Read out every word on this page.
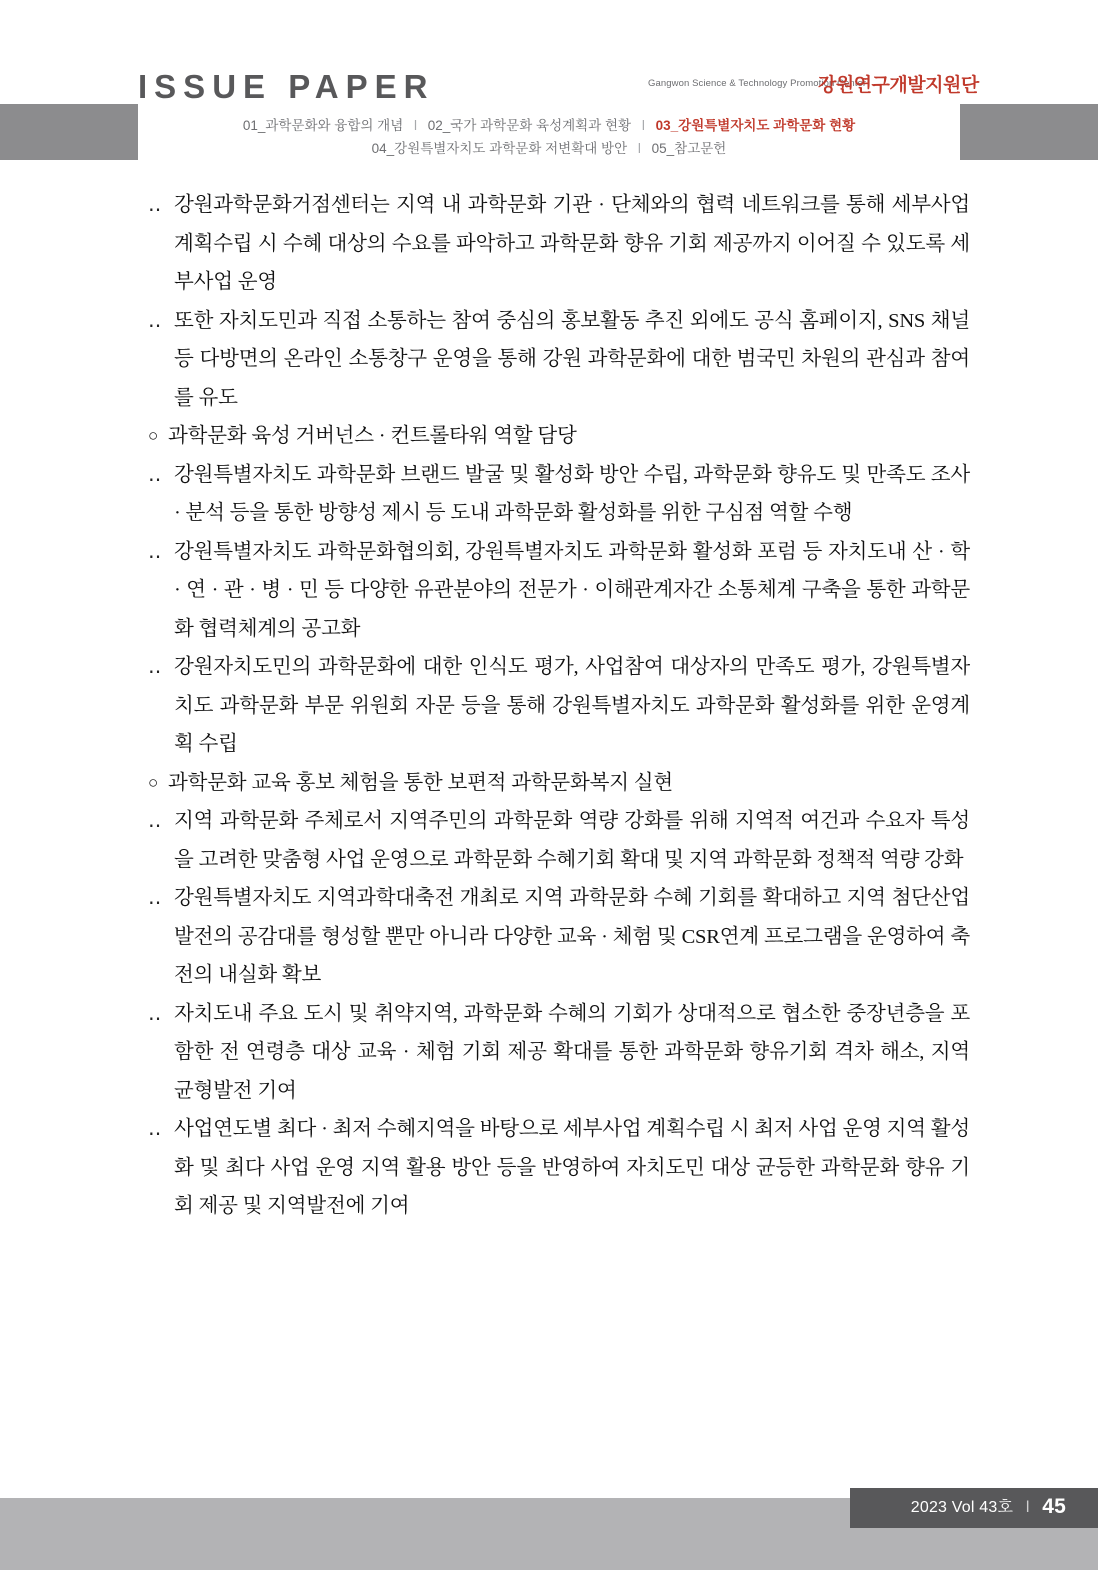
ISSUE PAPER	Gangwon Science & Technology Promotion Center
강원연구개발지원단
01_과학문화와 융합의 개념 l 02_국가 과학문화 육성계획과 현황 l 03_강원특별자치도 과학문화 현황
04_강원특별자치도 과학문화 저변확대 방안 l 05_참고문헌
‥ 강원과학문화거점센터는 지역 내 과학문화 기관 · 단체와의 협력 네트워크를 통해 세부사업 계획수립 시 수혜 대상의 수요를 파악하고 과학문화 향유 기회 제공까지 이어질 수 있도록 세부사업 운영
‥ 또한 자치도민과 직접 소통하는 참여 중심의 홍보활동 추진 외에도 공식 홈페이지, SNS 채널 등 다방면의 온라인 소통창구 운영을 통해 강원 과학문화에 대한 범국민 차원의 관심과 참여를 유도
○ 과학문화 육성 거버넌스 · 컨트롤타워 역할 담당
‥ 강원특별자치도 과학문화 브랜드 발굴 및 활성화 방안 수립, 과학문화 향유도 및 만족도 조사 · 분석 등을 통한 방향성 제시 등 도내 과학문화 활성화를 위한 구심점 역할 수행
‥ 강원특별자치도 과학문화협의회, 강원특별자치도 과학문화 활성화 포럼 등 자치도내 산 · 학 · 연 · 관 · 병 · 민 등 다양한 유관분야의 전문가 · 이해관계자간 소통체계 구축을 통한 과학문화 협력체계의 공고화
‥ 강원자치도민의 과학문화에 대한 인식도 평가, 사업참여 대상자의 만족도 평가, 강원특별자치도 과학문화 부문 위원회 자문 등을 통해 강원특별자치도 과학문화 활성화를 위한 운영계획 수립
○ 과학문화 교육 홍보 체험을 통한 보편적 과학문화복지 실현
‥ 지역 과학문화 주체로서 지역주민의 과학문화 역량 강화를 위해 지역적 여건과 수요자 특성을 고려한 맞춤형 사업 운영으로 과학문화 수혜기회 확대 및 지역 과학문화 정책적 역량 강화
‥ 강원특별자치도 지역과학대축전 개최로 지역 과학문화 수혜 기회를 확대하고 지역 첨단산업 발전의 공감대를 형성할 뿐만 아니라 다양한 교육 · 체험 및 CSR연계 프로그램을 운영하여 축전의 내실화 확보
‥ 자치도내 주요 도시 및 취약지역, 과학문화 수혜의 기회가 상대적으로 협소한 중장년층을 포함한 전 연령층 대상 교육 · 체험 기회 제공 확대를 통한 과학문화 향유기회 격차 해소, 지역 균형발전 기여
‥ 사업연도별 최다 · 최저 수혜지역을 바탕으로 세부사업 계획수립 시 최저 사업 운영 지역 활성화 및 최다 사업 운영 지역 활용 방안 등을 반영하여 자치도민 대상 균등한 과학문화 향유 기회 제공 및 지역발전에 기여
2023 Vol 43호 l 45
